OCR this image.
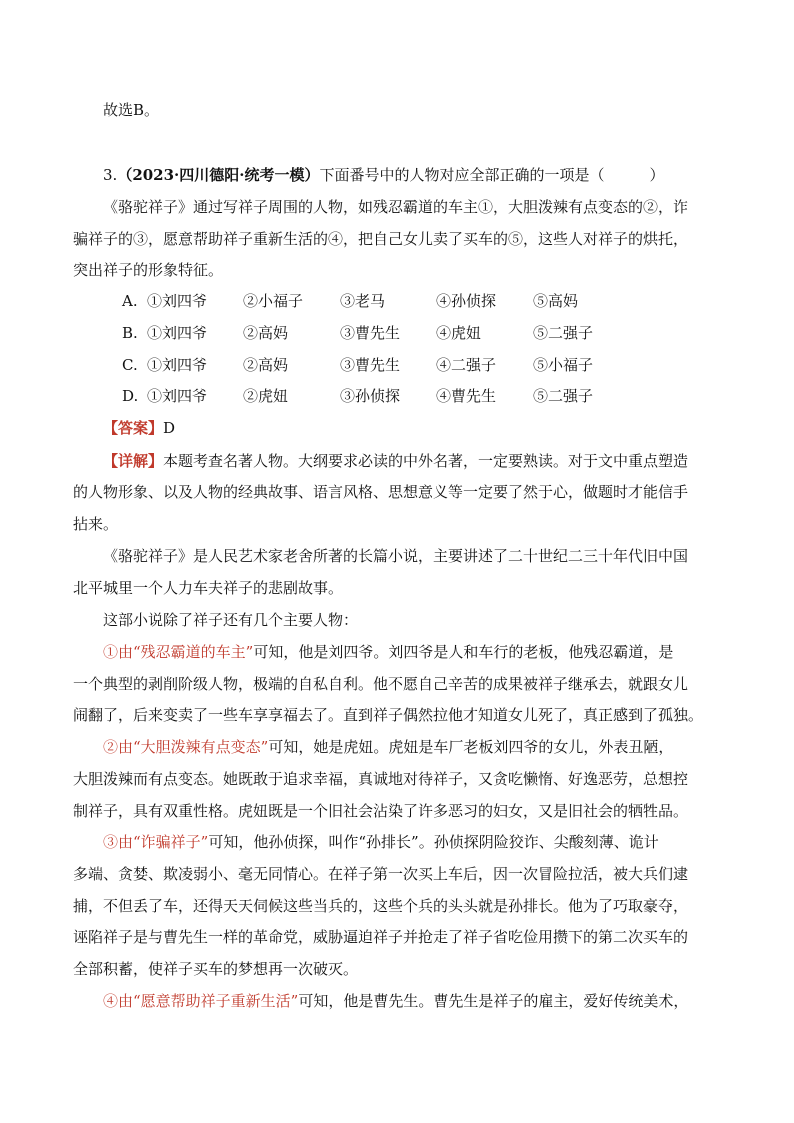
故选B。
3.（2023·四川德阳·统考一模）下面番号中的人物对应全部正确的一项是（　　　）
《骆驼祥子》通过写祥子周围的人物，如残忍霸道的车主①，大胆泼辣有点变态的②，诈
骗祥子的③，愿意帮助祥子重新生活的④，把自己女儿卖了买车的⑤，这些人对祥子的烘托，
突出祥子的形象特征。
A. ①刘四爷 ②小福子 ③老马	④孙侦探 ⑤高妈
B. ①刘四爷 ②高妈	③曹先生 ④虎妞	⑤二强子
C. ①刘四爷 ②高妈	③曹先生 ④二强子 ⑤小福子
D. ①刘四爷 ②虎妞	③孙侦探 ④曹先生 ⑤二强子
【答案】D
【详解】本题考查名著人物。大纲要求必读的中外名著，一定要熟读。对于文中重点塑造
的人物形象、以及人物的经典故事、语言风格、思想意义等一定要了然于心，做题时才能信手
拈来。
《骆驼祥子》是人民艺术家老舍所著的长篇小说，主要讲述了二十世纪二三十年代旧中国
北平城里一个人力车夫祥子的悲剧故事。
这部小说除了祥子还有几个主要人物：
①由“残忍霸道的车主”可知，他是刘四爷。刘四爷是人和车行的老板，他残忍霸道，是
一个典型的剥削阶级人物，极端的自私自利。他不愿自己辛苦的成果被祥子继承去，就跟女儿
闹翻了，后来变卖了一些车享享福去了。直到祥子偶然拉他才知道女儿死了，真正感到了孤独。
②由“大胆泼辣有点变态”可知，她是虎妞。虎妞是车厂老板刘四爷的女儿，外表丑陋，
大胆泼辣而有点变态。她既敢于追求幸福，真诚地对待祥子，又贪吃懒惰、好逸恶劳，总想控
制祥子，具有双重性格。虎妞既是一个旧社会沾染了许多恶习的妇女，又是旧社会的牺牲品。
③由“诈骗祥子”可知，他孙侦探，叫作“孙排长”。孙侦探阴险狡诈、尖酸刻薄、诡计
多端、贪婪、欺凌弱小、毫无同情心。在祥子第一次买上车后，因一次冒险拉活，被大兵们逮
捕，不但丢了车，还得天天伺候这些当兵的，这些个兵的头头就是孙排长。他为了巧取豪夺，
诬陷祥子是与曹先生一样的革命党，威胁逼迫祥子并抢走了祥子省吃俭用攒下的第二次买车的
全部积蓄，使祥子买车的梦想再一次破灭。
④由“愿意帮助祥子重新生活”可知，他是曹先生。曹先生是祥子的雇主，爱好传统美术，
